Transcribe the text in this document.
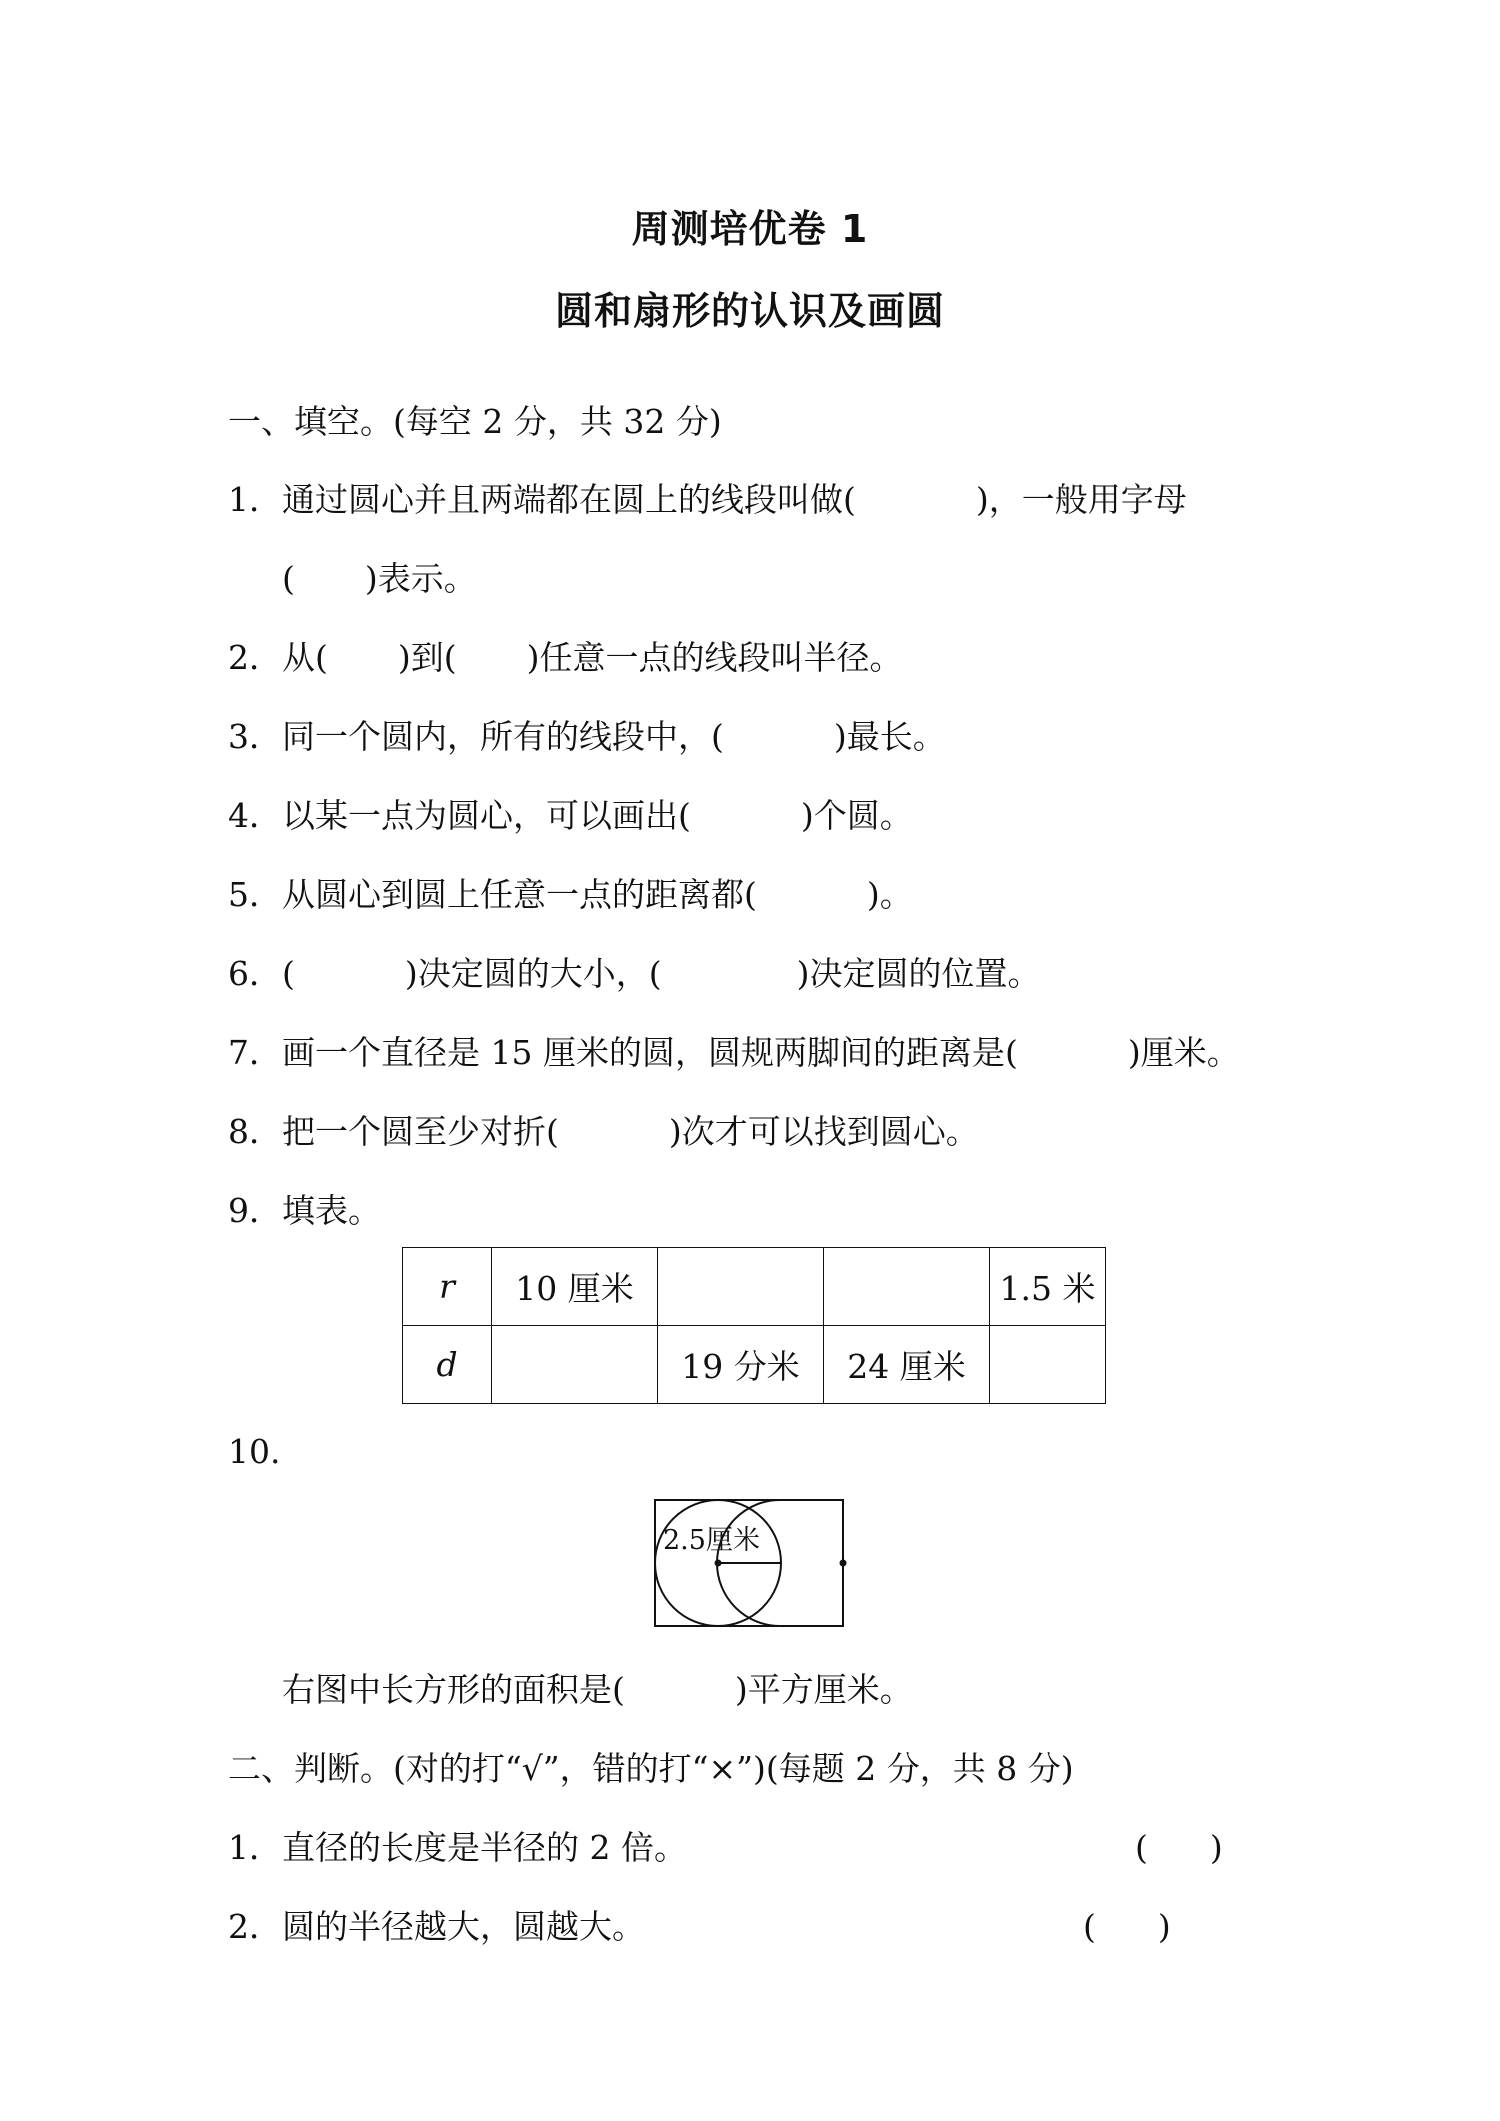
周测培优卷 1
圆和扇形的认识及画圆
一、填空。(每空 2 分，共 32 分)
1．通过圆心并且两端都在圆上的线段叫做(	)，一般用字母
( )表示。
2．从( )到( )任意一点的线段叫半径。
3．同一个圆内，所有的线段中，(	)最长。
4．以某一点为圆心，可以画出(	)个圆。
5．从圆心到圆上任意一点的距离都(	)。
6．(	)决定圆的大小，(	)决定圆的位置。
7．画一个直径是 15 厘米的圆，圆规两脚间的距离是(	)厘米。
8．把一个圆至少对折(	)次才可以找到圆心。
9．填表。
r	10 厘米			1.5 米
d		19 分米	24 厘米	
10.
2.5厘米
右图中长方形的面积是(	)平方厘米。
二、判断。(对的打“√”，错的打“×”)(每题 2 分，共 8 分)
1．直径的长度是半径的 2 倍。	( )
2．圆的半径越大，圆越大。	( )
